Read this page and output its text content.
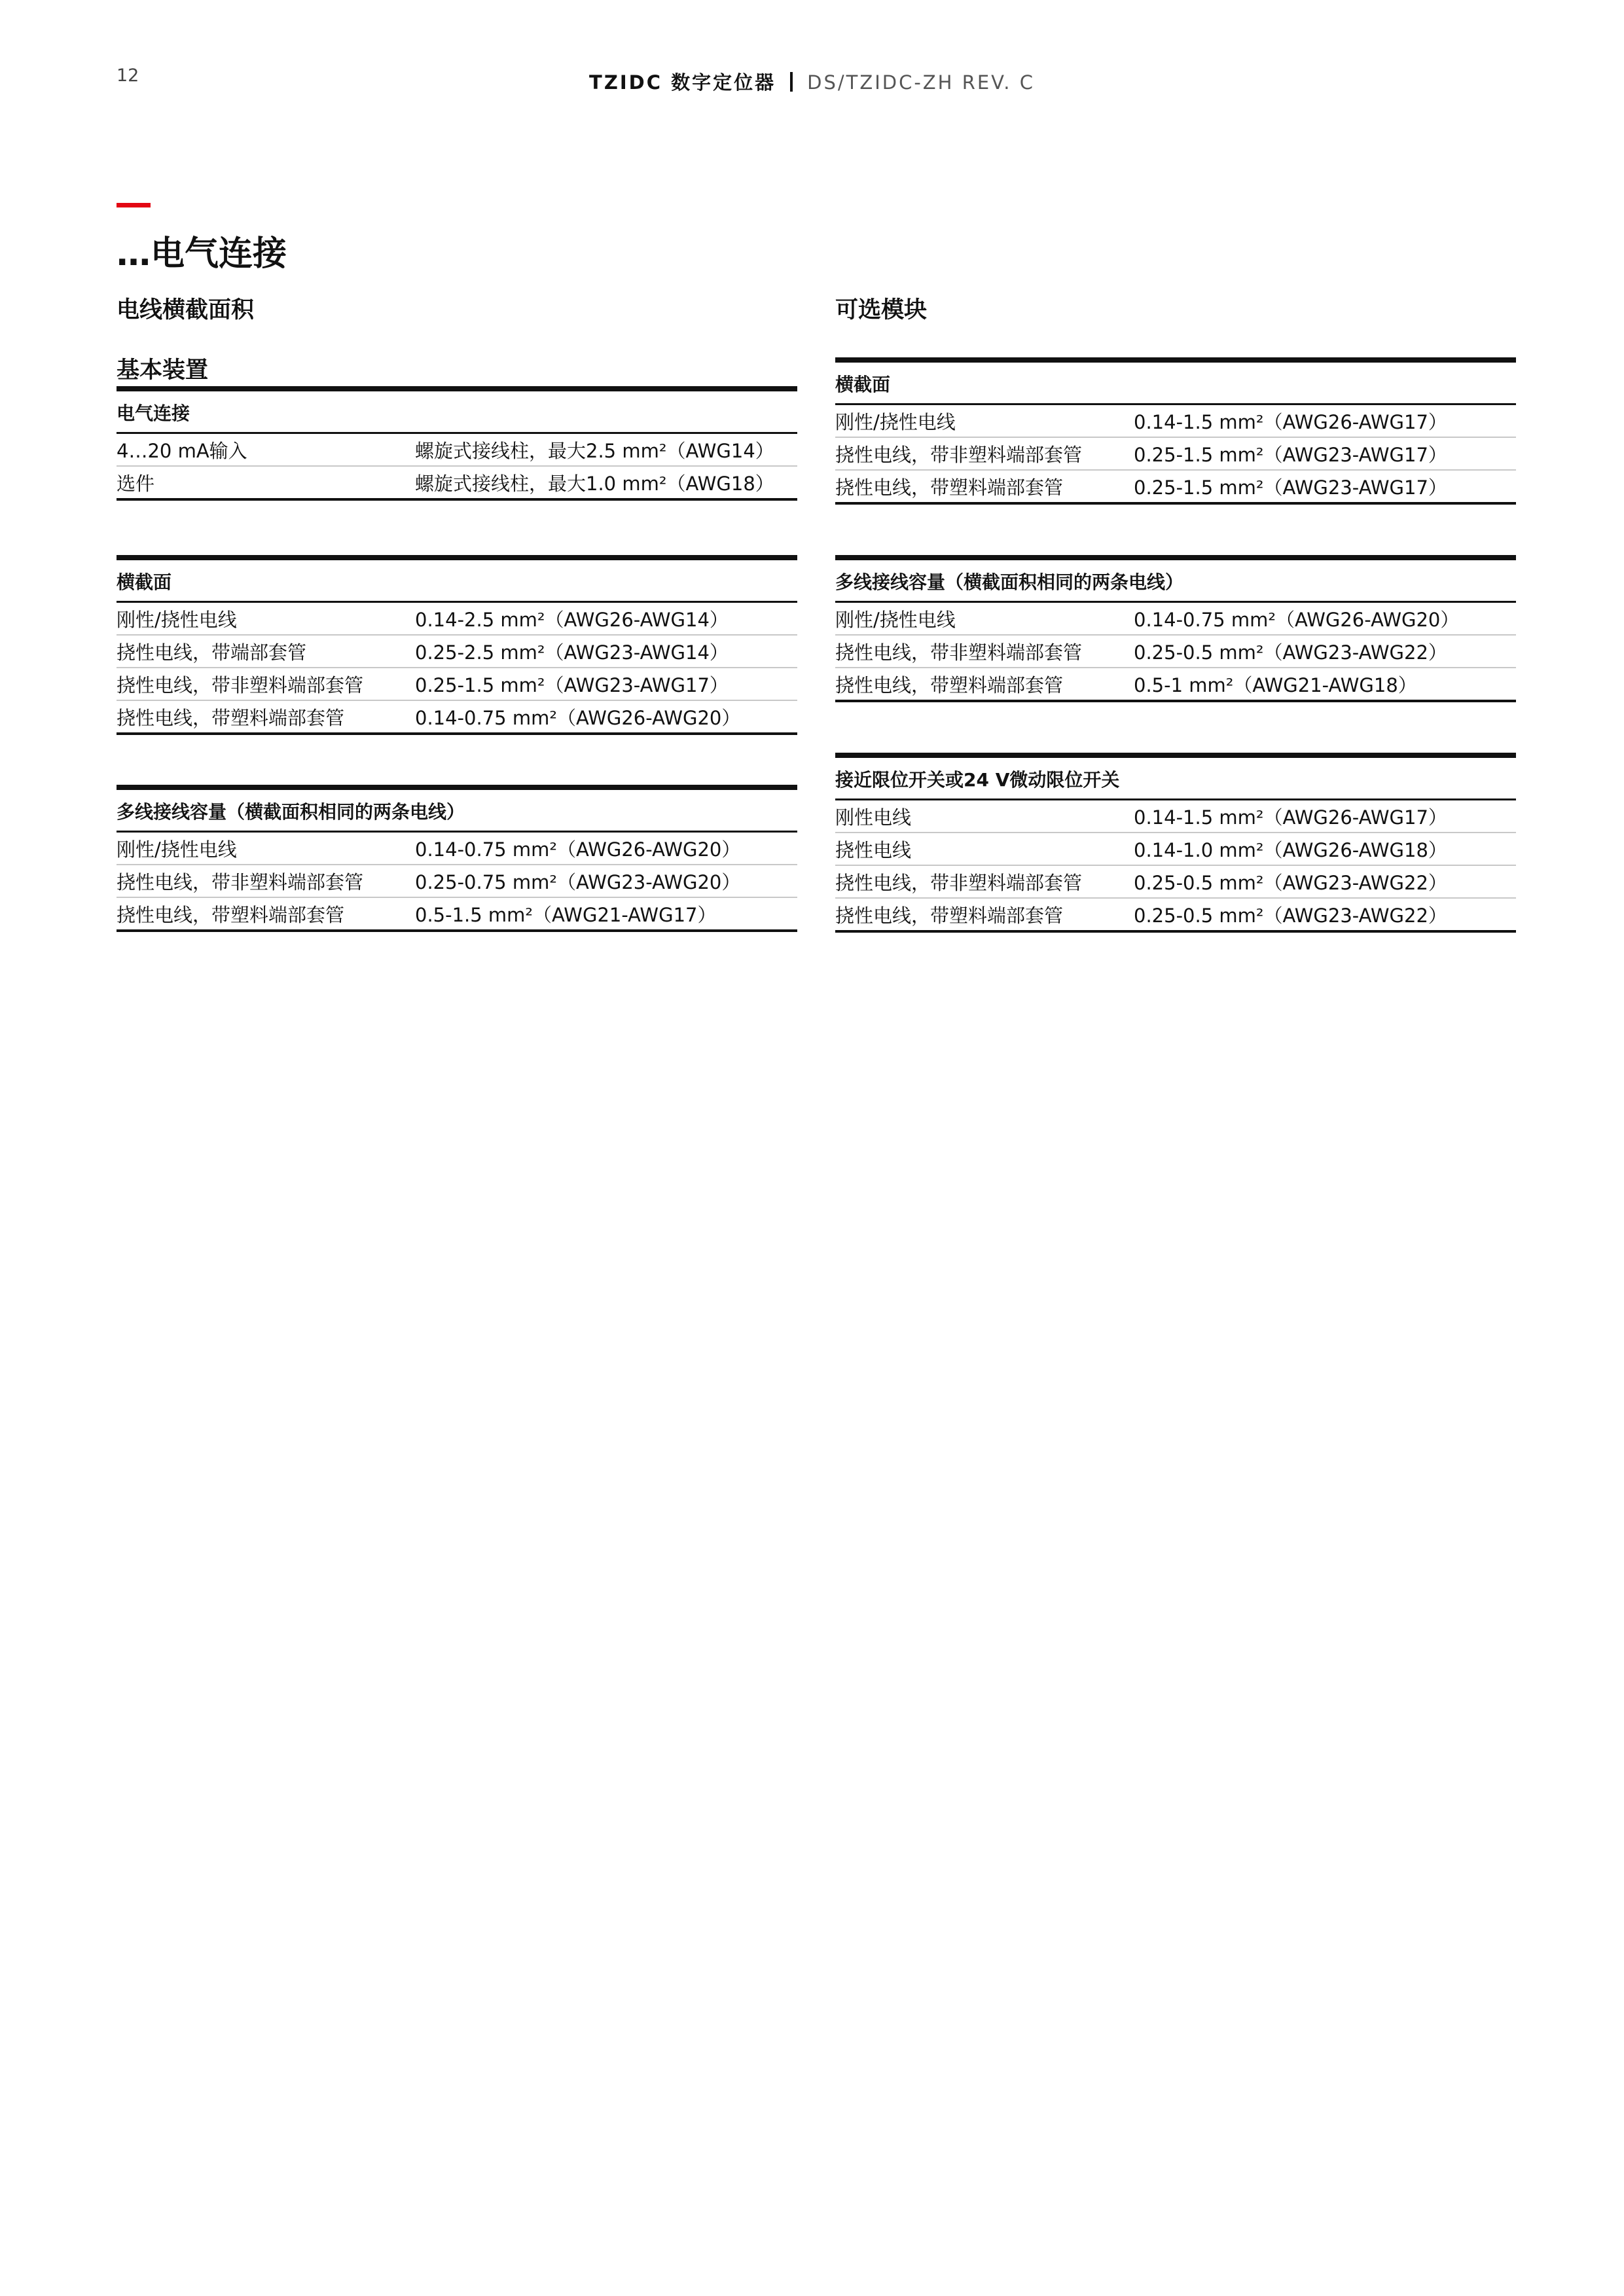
12	TZIDC 数字定位器 DS/TZIDC-ZH REV. C
…电气连接
电线横截面积
基本装置
可选模块
电气连接
4…20 mA输入	螺旋式接线柱，最大2.5 mm²（AWG14）
选件	螺旋式接线柱，最大1.0 mm²（AWG18）
横截面
刚性/挠性电线	0.14-2.5 mm²（AWG26-AWG14）
挠性电线，带端部套管	0.25-2.5 mm²（AWG23-AWG14）
挠性电线，带非塑料端部套管	0.25-1.5 mm²（AWG23-AWG17）
挠性电线，带塑料端部套管	0.14-0.75 mm²（AWG26-AWG20）
多线接线容量（横截面积相同的两条电线）
刚性/挠性电线	0.14-0.75 mm²（AWG26-AWG20）
挠性电线，带非塑料端部套管	0.25-0.75 mm²（AWG23-AWG20）
挠性电线，带塑料端部套管	0.5-1.5 mm²（AWG21-AWG17）
横截面
刚性/挠性电线	0.14-1.5 mm²（AWG26-AWG17）
挠性电线，带非塑料端部套管	0.25-1.5 mm²（AWG23-AWG17）
挠性电线，带塑料端部套管	0.25-1.5 mm²（AWG23-AWG17）
多线接线容量（横截面积相同的两条电线）
刚性/挠性电线	0.14-0.75 mm²（AWG26-AWG20）
挠性电线，带非塑料端部套管	0.25-0.5 mm²（AWG23-AWG22）
挠性电线，带塑料端部套管	0.5-1 mm²（AWG21-AWG18）
接近限位开关或24 V微动限位开关
刚性电线	0.14-1.5 mm²（AWG26-AWG17）
挠性电线	0.14-1.0 mm²（AWG26-AWG18）
挠性电线，带非塑料端部套管	0.25-0.5 mm²（AWG23-AWG22）
挠性电线，带塑料端部套管	0.25-0.5 mm²（AWG23-AWG22）
